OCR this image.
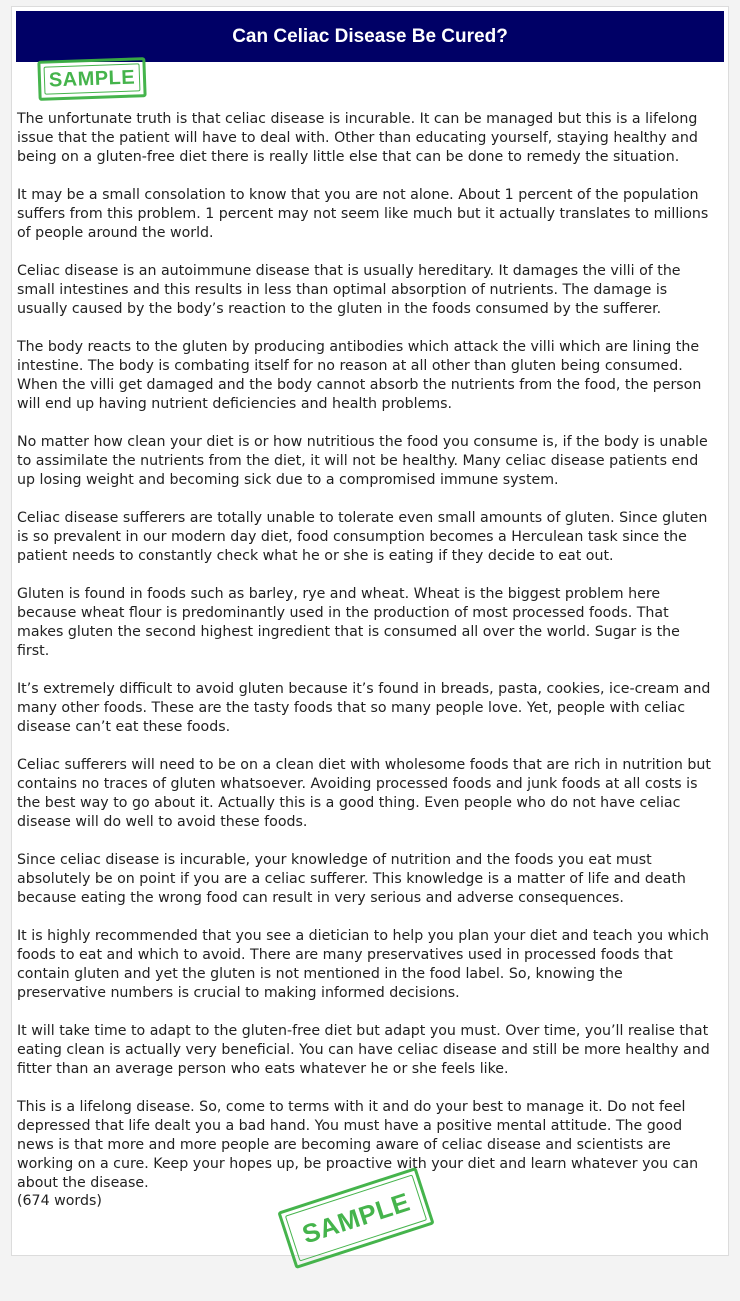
Can Celiac Disease Be Cured?
SAMPLE

The unfortunate truth is that celiac disease is incurable. It can be managed but this is a lifelong issue that the patient will have to deal with. Other than educating yourself, staying healthy and being on a gluten-free diet there is really little else that can be done to remedy the situation.

It may be a small consolation to know that you are not alone. About 1 percent of the population suffers from this problem. 1 percent may not seem like much but it actually translates to millions of people around the world.

Celiac disease is an autoimmune disease that is usually hereditary. It damages the villi of the small intestines and this results in less than optimal absorption of nutrients. The damage is usually caused by the body’s reaction to the gluten in the foods consumed by the sufferer.

The body reacts to the gluten by producing antibodies which attack the villi which are lining the intestine. The body is combating itself for no reason at all other than gluten being consumed. When the villi get damaged and the body cannot absorb the nutrients from the food, the person will end up having nutrient deficiencies and health problems.

No matter how clean your diet is or how nutritious the food you consume is, if the body is unable to assimilate the nutrients from the diet, it will not be healthy. Many celiac disease patients end up losing weight and becoming sick due to a compromised immune system.

Celiac disease sufferers are totally unable to tolerate even small amounts of gluten. Since gluten is so prevalent in our modern day diet, food consumption becomes a Herculean task since the patient needs to constantly check what he or she is eating if they decide to eat out.

Gluten is found in foods such as barley, rye and wheat. Wheat is the biggest problem here because wheat flour is predominantly used in the production of most processed foods. That makes gluten the second highest ingredient that is consumed all over the world. Sugar is the first.

It’s extremely difficult to avoid gluten because it’s found in breads, pasta, cookies, ice-cream and many other foods. These are the tasty foods that so many people love. Yet, people with celiac disease can’t eat these foods.

Celiac sufferers will need to be on a clean diet with wholesome foods that are rich in nutrition but contains no traces of gluten whatsoever. Avoiding processed foods and junk foods at all costs is the best way to go about it. Actually this is a good thing. Even people who do not have celiac disease will do well to avoid these foods.

Since celiac disease is incurable, your knowledge of nutrition and the foods you eat must absolutely be on point if you are a celiac sufferer. This knowledge is a matter of life and death because eating the wrong food can result in very serious and adverse consequences.

It is highly recommended that you see a dietician to help you plan your diet and teach you which foods to eat and which to avoid. There are many preservatives used in processed foods that contain gluten and yet the gluten is not mentioned in the food label. So, knowing the preservative numbers is crucial to making informed decisions.

It will take time to adapt to the gluten-free diet but adapt you must. Over time, you’ll realise that eating clean is actually very beneficial. You can have celiac disease and still be more healthy and fitter than an average person who eats whatever he or she feels like.

This is a lifelong disease. So, come to terms with it and do your best to manage it. Do not feel depressed that life dealt you a bad hand. You must have a positive mental attitude. The good news is that more and more people are becoming aware of celiac disease and scientists are working on a cure. Keep your hopes up, be proactive with your diet and learn whatever you can about the disease.

(674 words)	SAMPLE
